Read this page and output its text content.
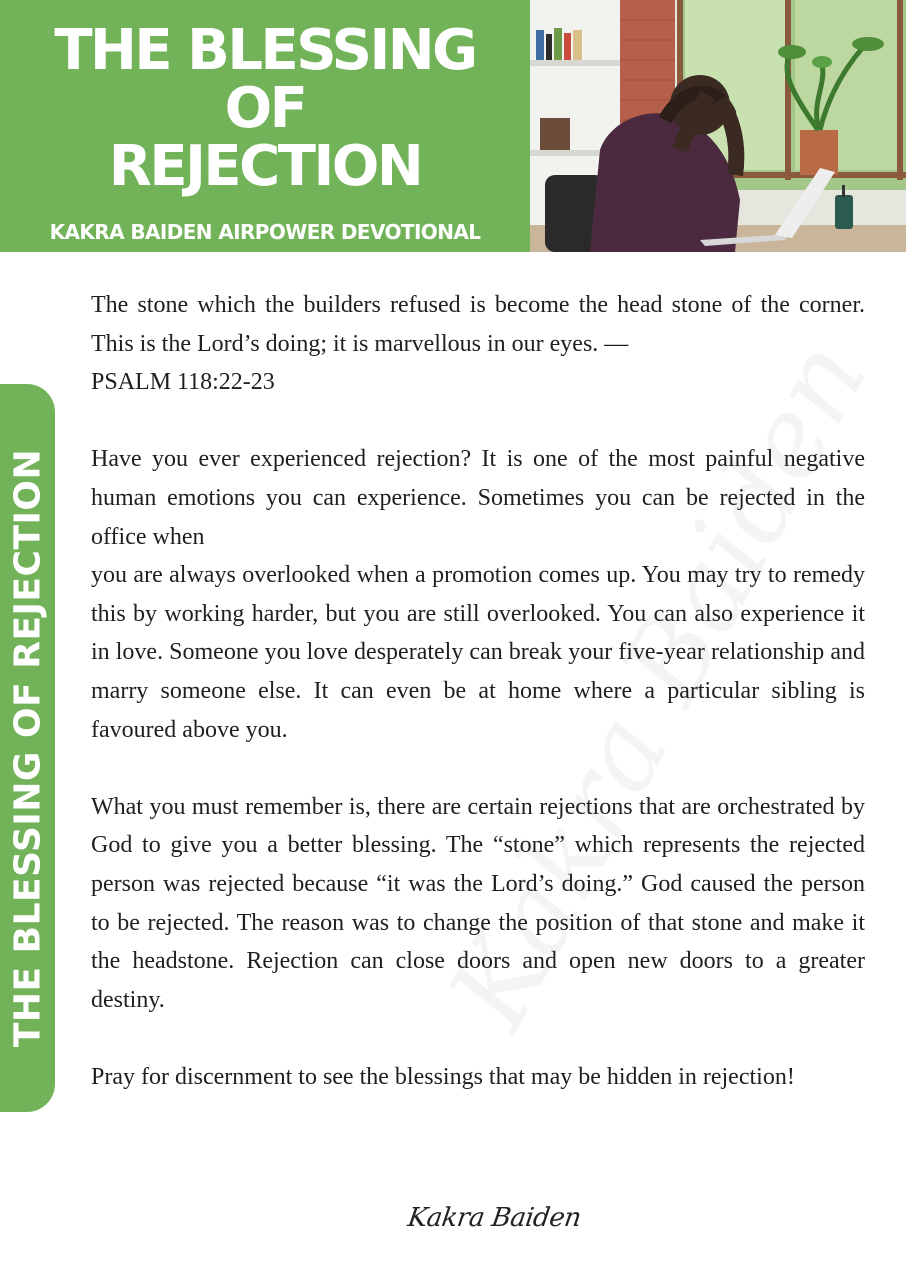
THE BLESSING
OF
REJECTION
KAKRA BAIDEN AIRPOWER DEVOTIONAL
THE BLESSING OF REJECTION

The stone which the builders refused is become the head stone of the corner. This is the Lord’s doing; it is marvellous in our eyes. —
PSALM 118:22-23

Have you ever experienced rejection? It is one of the most painful negative human emotions you can experience. Sometimes you can be rejected in the office when
you are always overlooked when a promotion comes up. You may try to remedy this by working harder, but you are still overlooked. You can also experience it in love. Someone you love desperately can break your five-year relationship and marry someone else. It can even be at home where a particular sibling is favoured above you.

What you must remember is, there are certain rejections that are orchestrated by God to give you a better blessing. The “stone” which represents the rejected person was rejected because “it was the Lord’s doing.” God caused the person to be rejected. The reason was to change the position of that stone and make it the headstone. Rejection can close doors and open new doors to a greater destiny.

Pray for discernment to see the blessings that may be hidden in rejection!

Kakra Baiden
